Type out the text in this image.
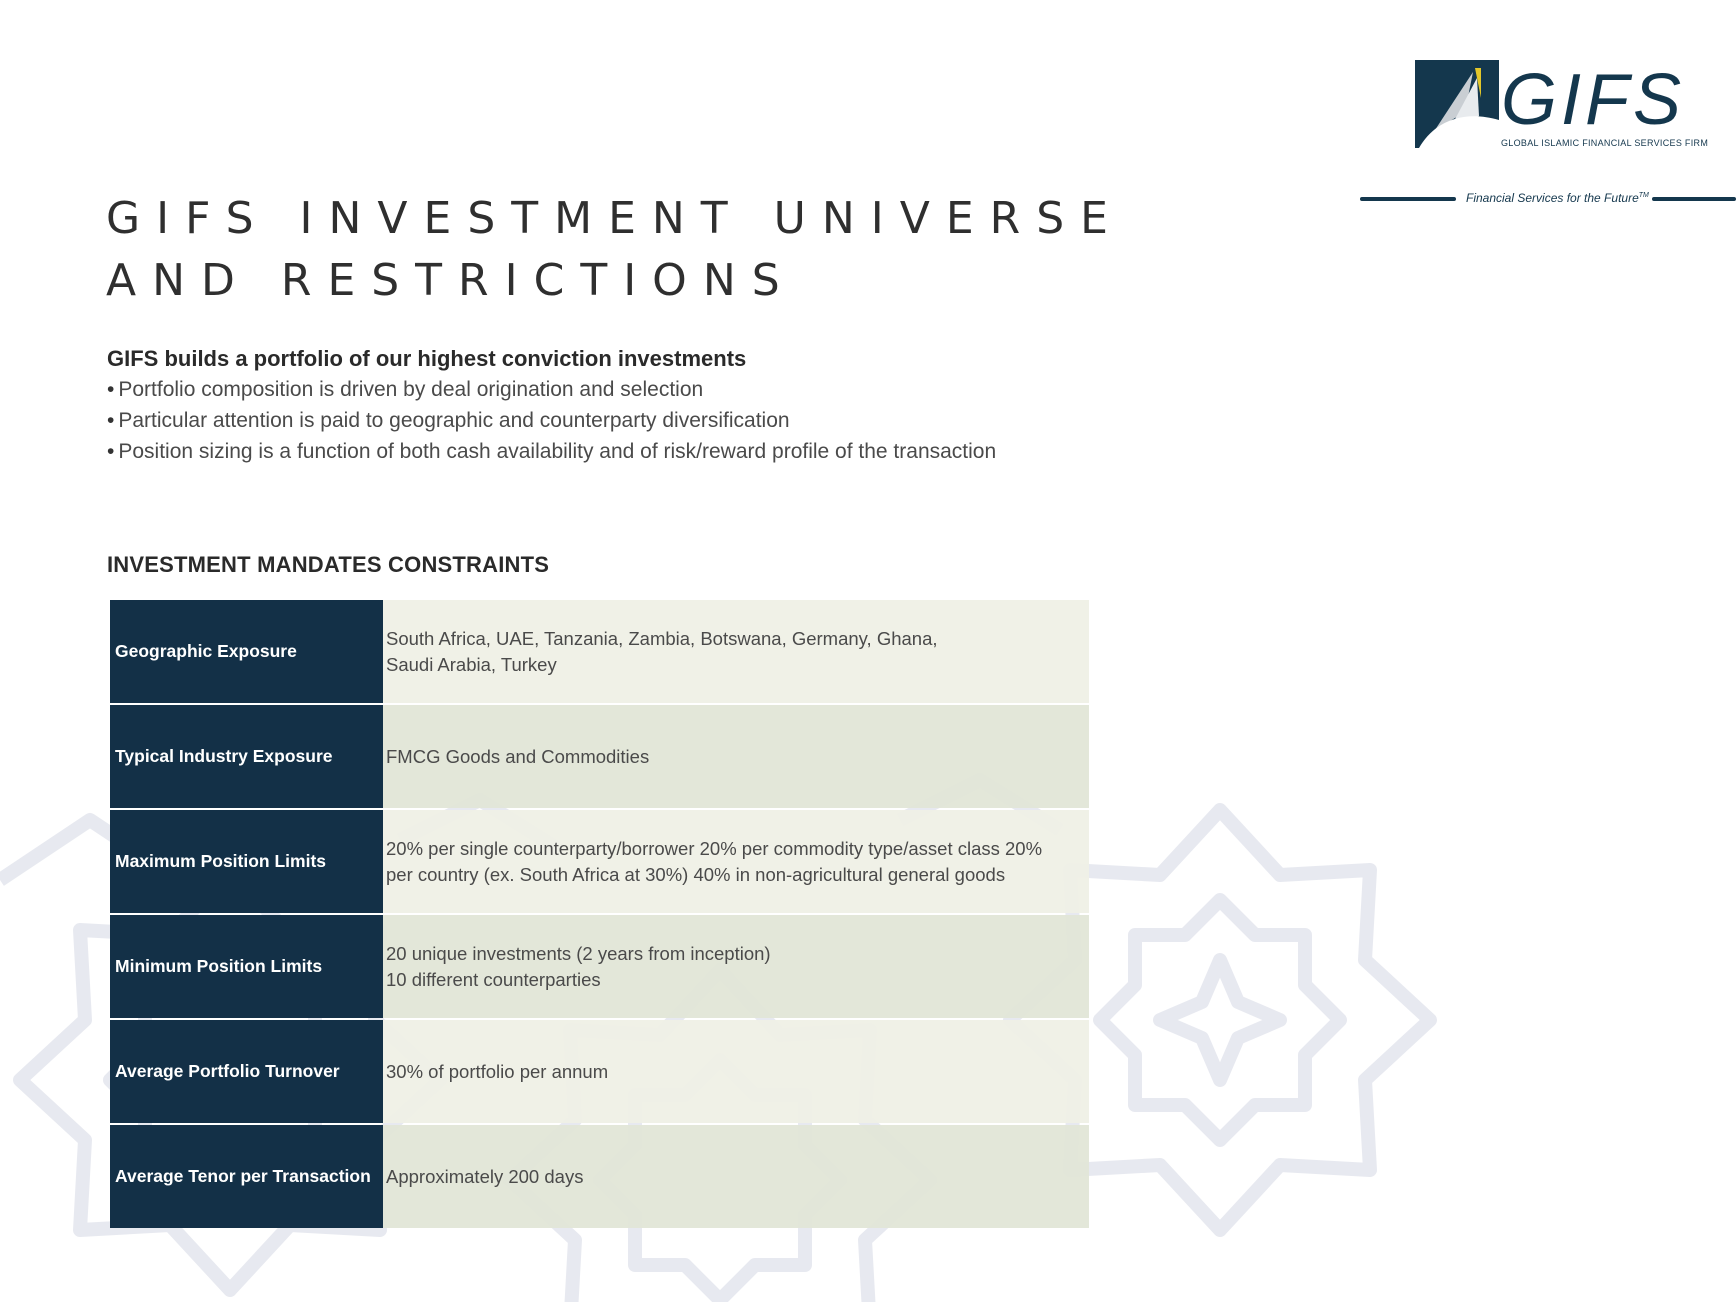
GIFS
GLOBAL ISLAMIC FINANCIAL SERVICES FIRM
Financial Services for the Future™
GIFS INVESTMENT UNIVERSE
AND RESTRICTIONS
GIFS builds a portfolio of our highest conviction investments
• Portfolio composition is driven by deal origination and selection
• Particular attention is paid to geographic and counterparty diversification
• Position sizing is a function of both cash availability and of risk/reward profile of the transaction
INVESTMENT MANDATES CONSTRAINTS
Geographic Exposure	South Africa, UAE, Tanzania, Zambia, Botswana, Germany, Ghana,
Saudi Arabia, Turkey

Typical Industry Exposure	FMCG Goods and Commodities

Maximum Position Limits	20% per single counterparty/borrower 20% per commodity type/asset class 20%
per country (ex. South Africa at 30%) 40% in non-agricultural general goods

Minimum Position Limits	20 unique investments (2 years from inception)
10 different counterparties

Average Portfolio Turnover	30% of portfolio per annum

Average Tenor per Transaction	Approximately 200 days
